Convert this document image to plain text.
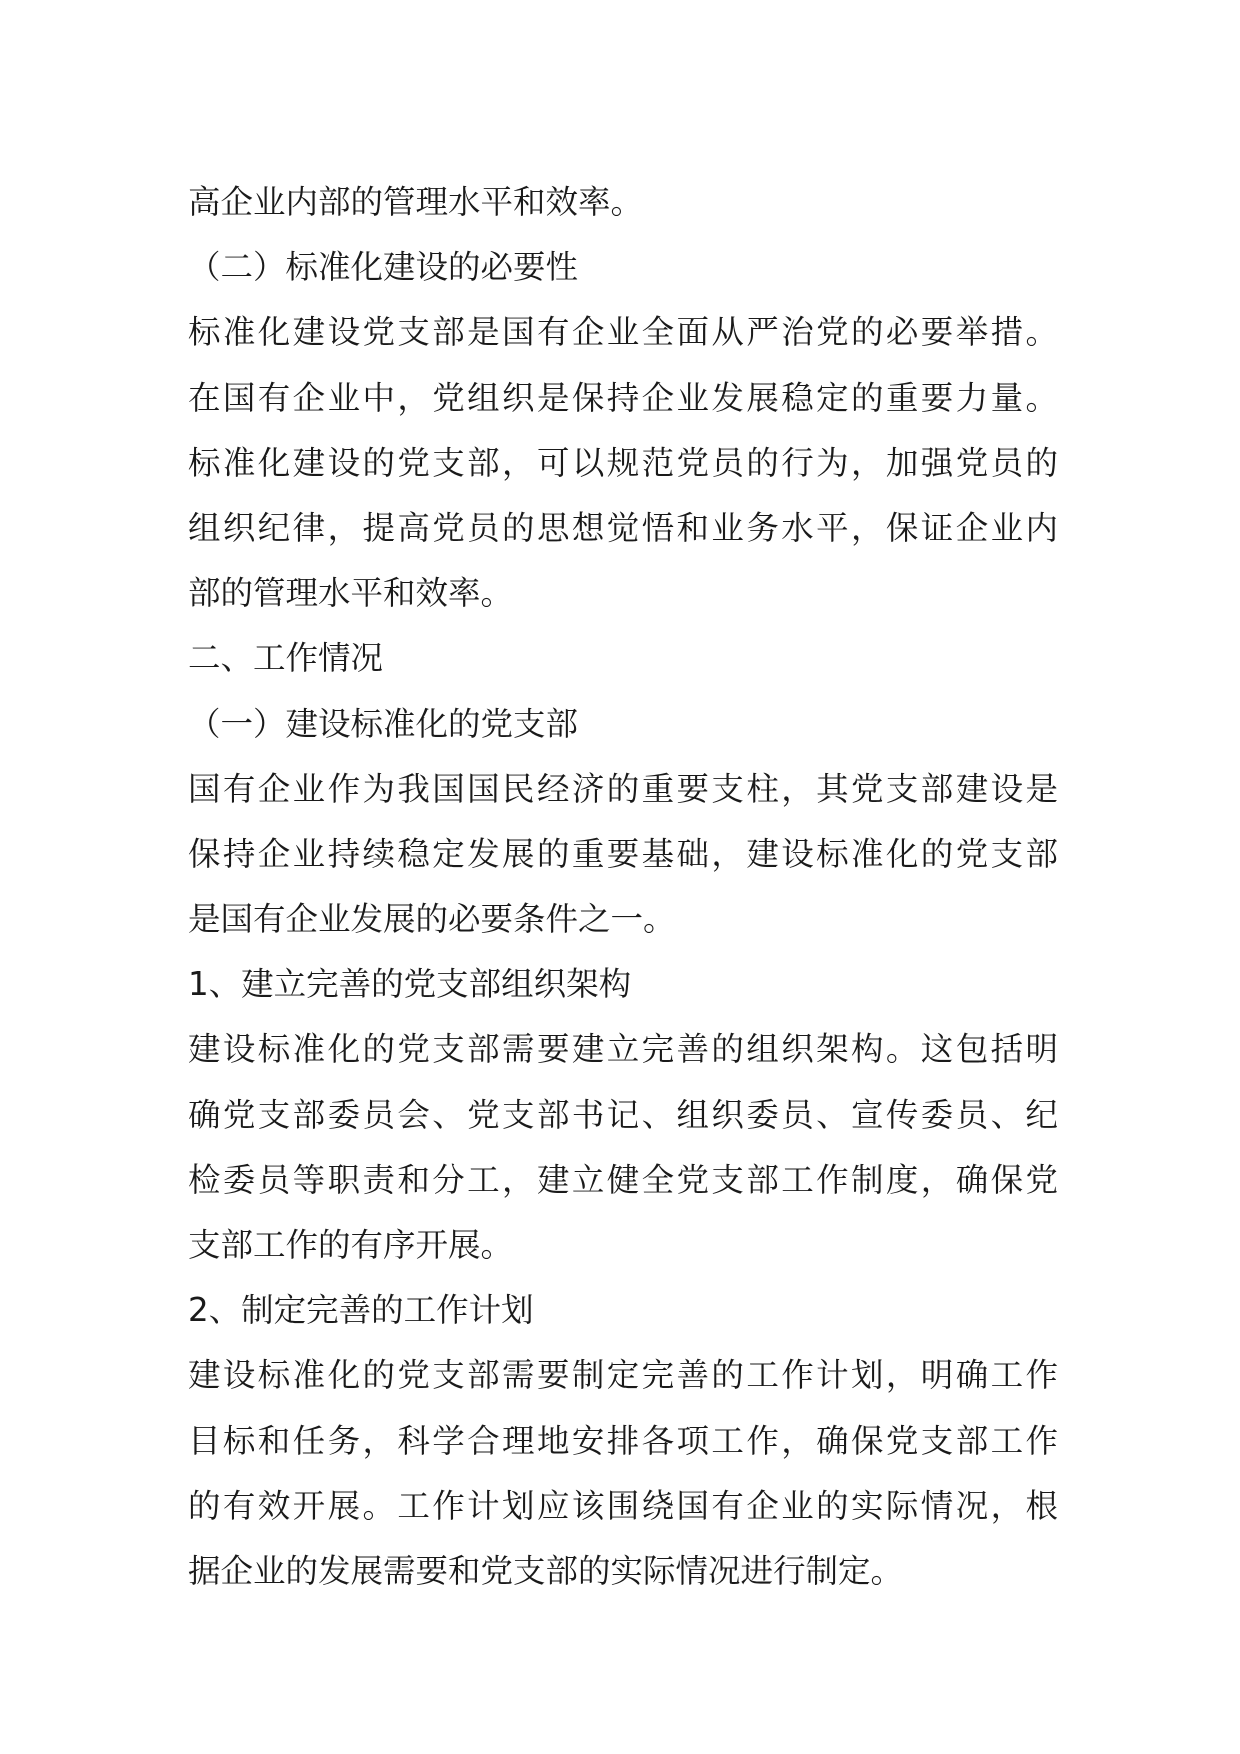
高企业内部的管理水平和效率。
（二）标准化建设的必要性
标准化建设党支部是国有企业全面从严治党的必要举措。
在国有企业中，党组织是保持企业发展稳定的重要力量。
标准化建设的党支部，可以规范党员的行为，加强党员的
组织纪律，提高党员的思想觉悟和业务水平，保证企业内
部的管理水平和效率。
二、工作情况
（一）建设标准化的党支部
国有企业作为我国国民经济的重要支柱，其党支部建设是
保持企业持续稳定发展的重要基础，建设标准化的党支部
是国有企业发展的必要条件之一。
1、建立完善的党支部组织架构
建设标准化的党支部需要建立完善的组织架构。这包括明
确党支部委员会、党支部书记、组织委员、宣传委员、纪
检委员等职责和分工，建立健全党支部工作制度，确保党
支部工作的有序开展。
2、制定完善的工作计划
建设标准化的党支部需要制定完善的工作计划，明确工作
目标和任务，科学合理地安排各项工作，确保党支部工作
的有效开展。工作计划应该围绕国有企业的实际情况，根
据企业的发展需要和党支部的实际情况进行制定。
